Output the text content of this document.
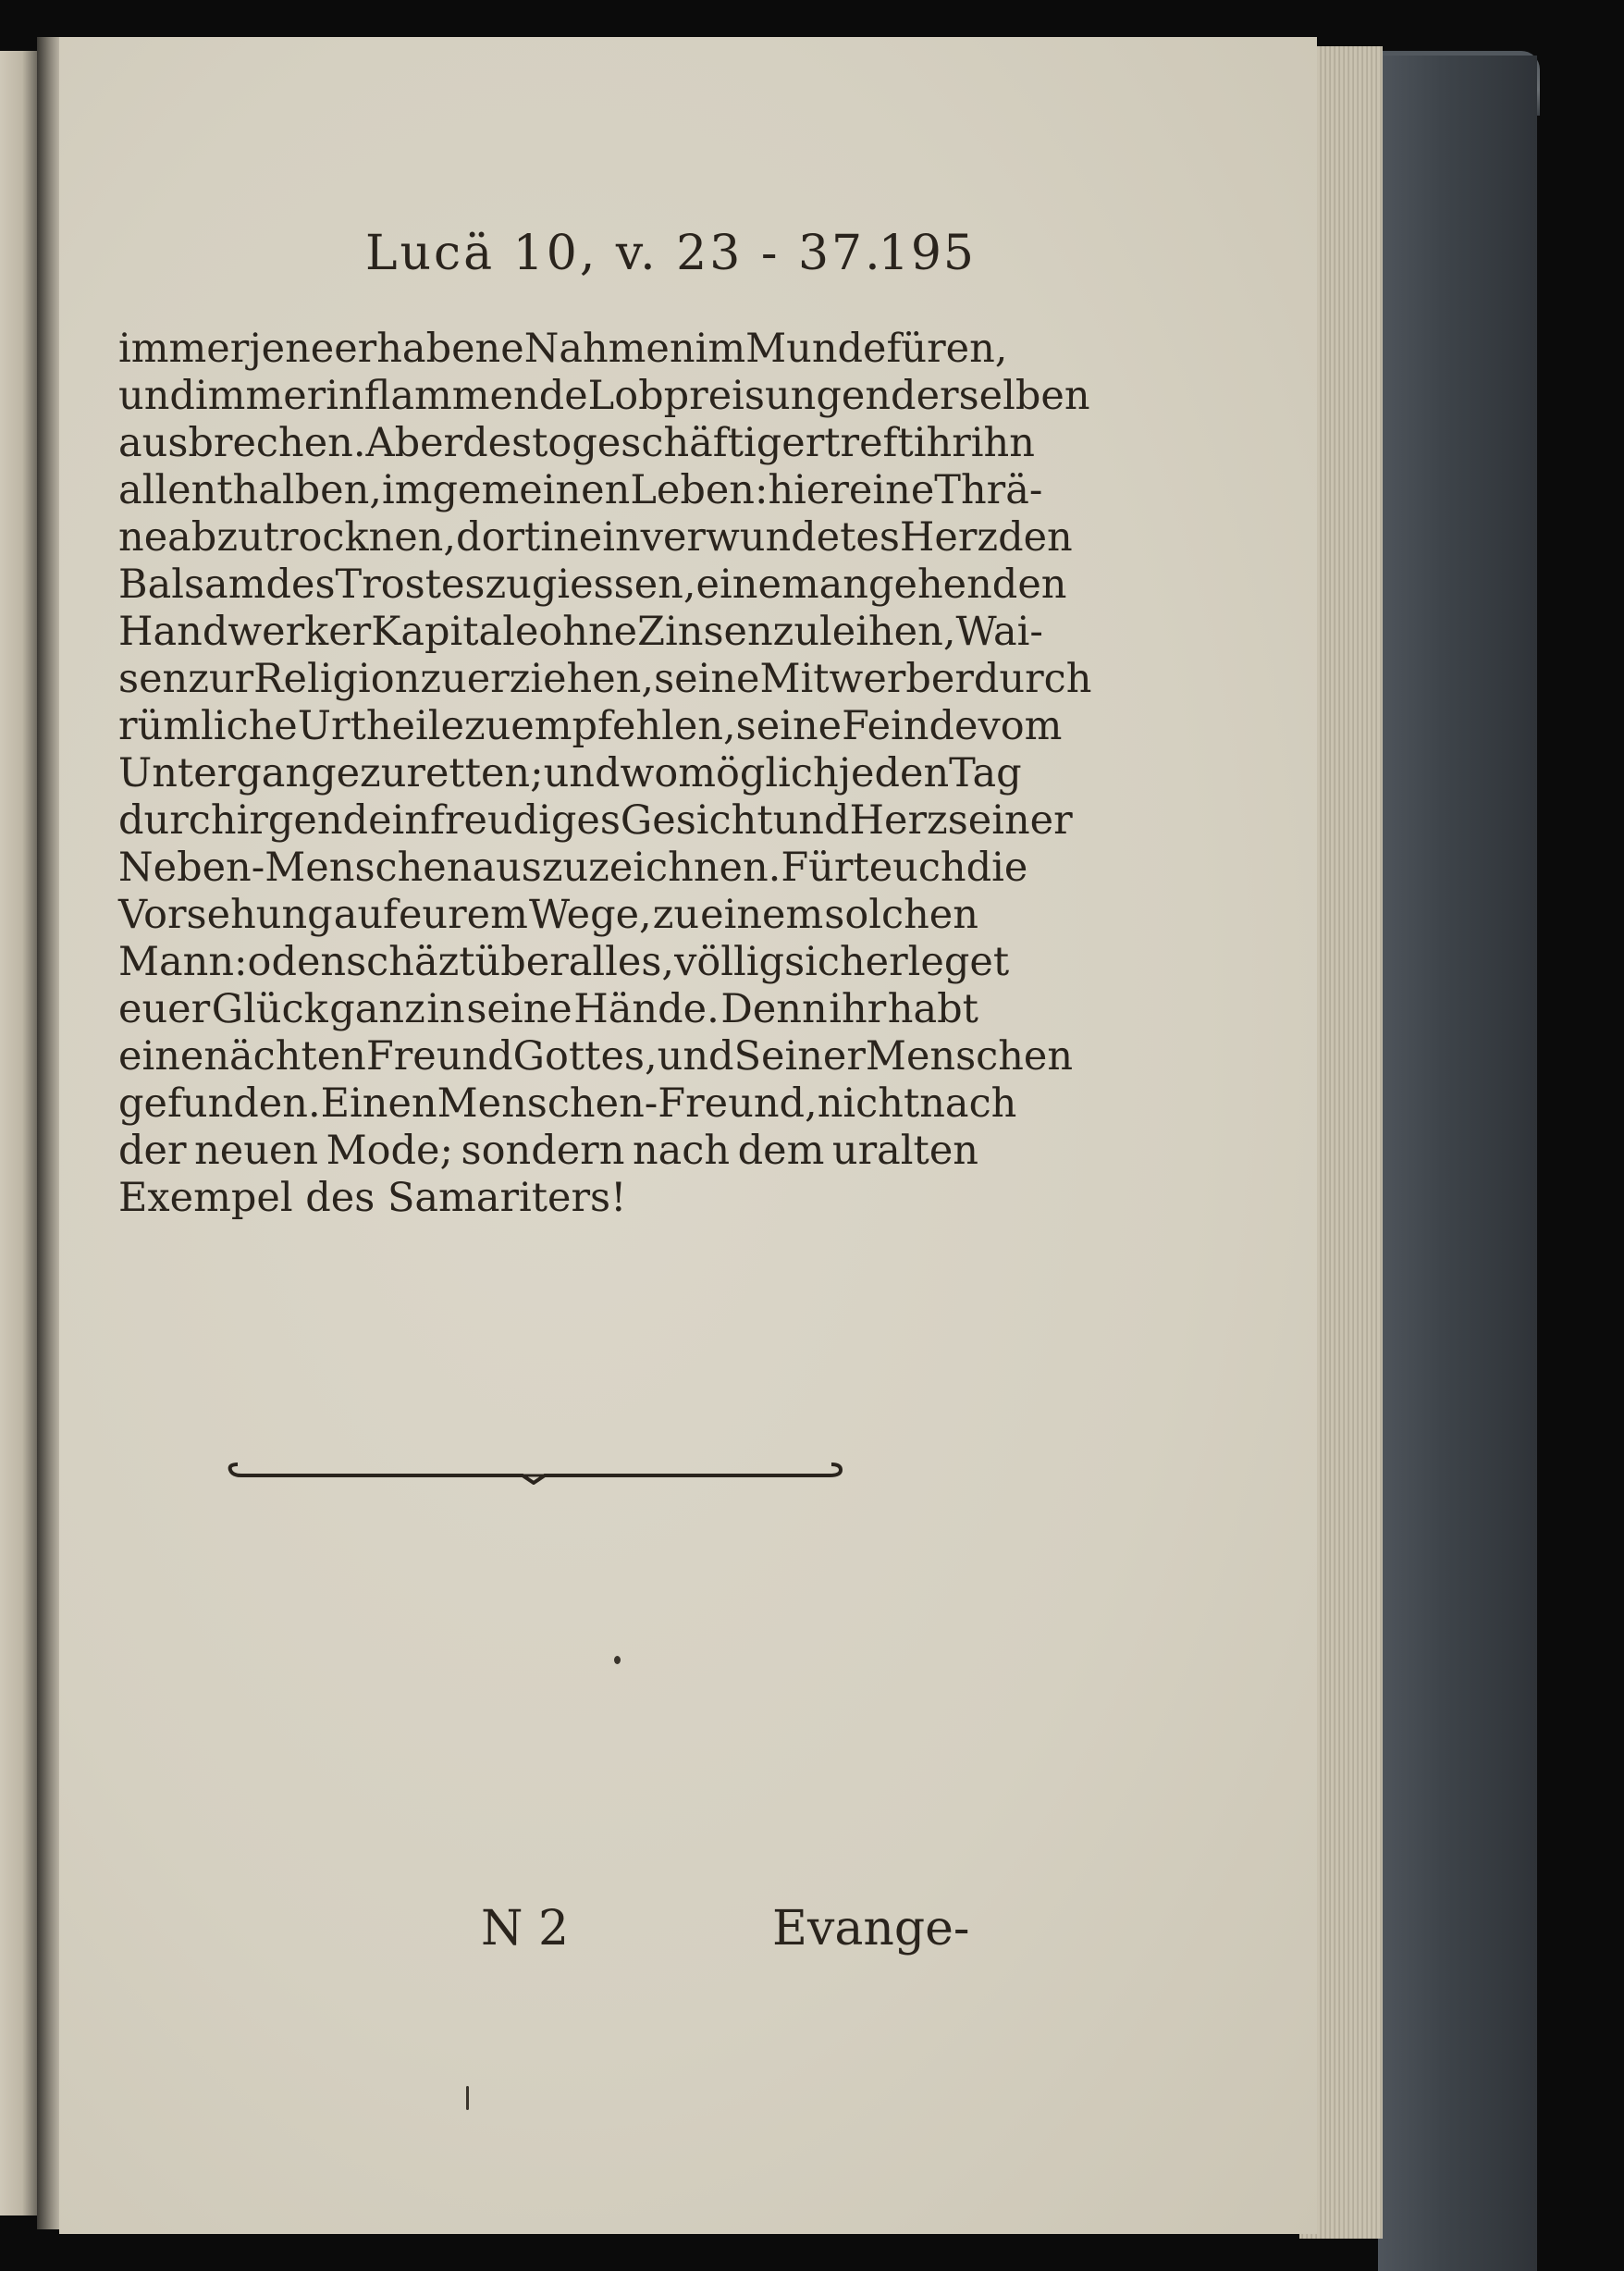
Lucä 10, v. 23 - 37.
195
immer jene erhabene Nahmen im Munde füren,
und immer in flammende Lobpreisungen derselben
ausbrechen. Aber desto geschäftiger treft ihr ihn
allenthalben, im gemeinen Leben: hier eine Thrä-
ne abzutrocknen, dort in ein verwundetes Herz den
Balsam des Trostes zu giessen, einem angehenden
Handwerker Kapitale ohne Zinsen zu leihen, Wai-
sen zur Religion zu erziehen, seine Mitwerber durch
rümliche Urtheile zu empfehlen, seine Feinde vom
Untergange zu retten; und wo möglich jeden Tag
durch irgend ein freudiges Gesicht und Herz seiner
Neben-Menschen auszuzeichnen. Fürt euch die
Vorsehung auf eurem Wege, zu einem solchen
Mann: o den schäzt über alles, völlig sicher leget
euer Glück ganz in seine Hände. Denn ihr habt
einen ächten Freund Gottes, und Seiner Menschen
gefunden. Einen Menschen-Freund, nicht nach
der neuen Mode; sondern nach dem uralten
Exempel des Samariters!
N 2	Evange-
